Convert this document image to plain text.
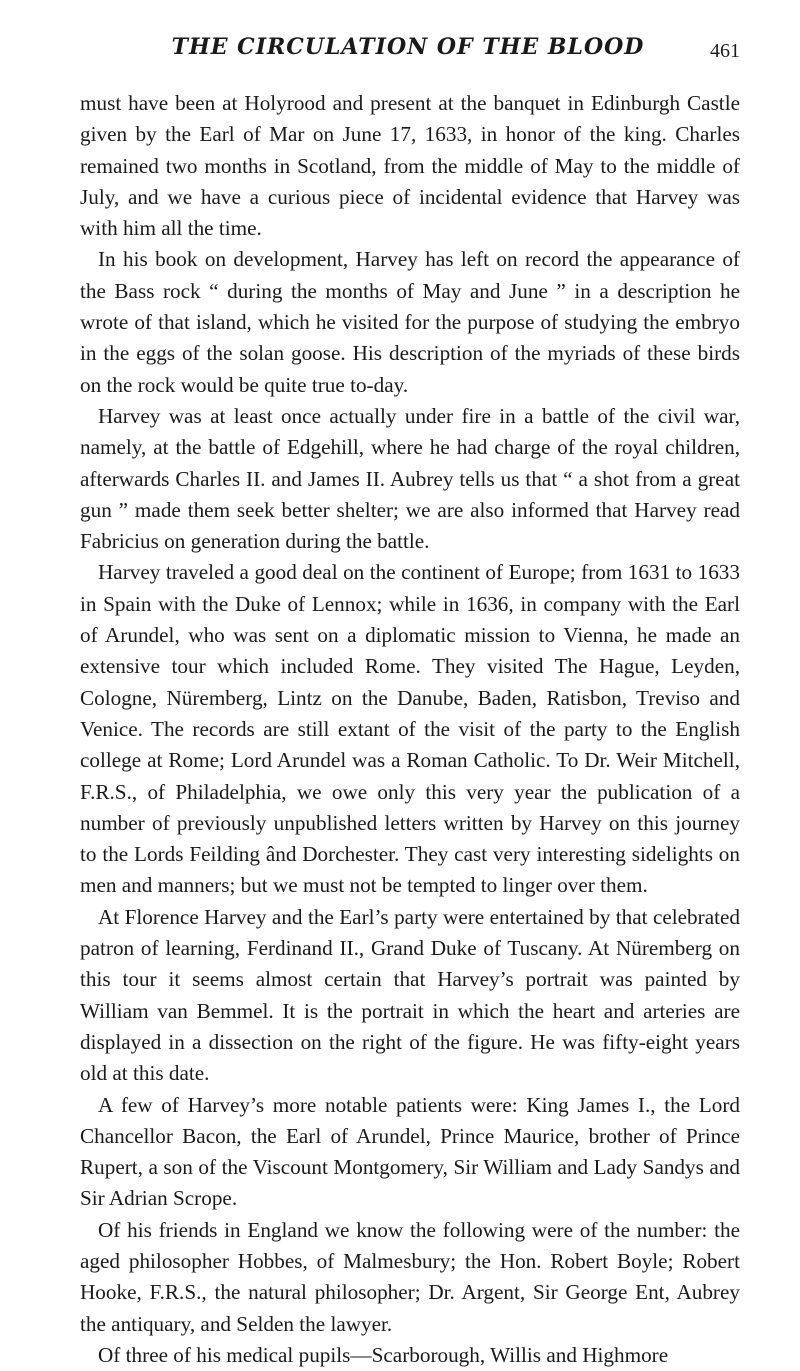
THE CIRCULATION OF THE BLOOD	461

must have been at Holyrood and present at the banquet in Edinburgh Castle given by the Earl of Mar on June 17, 1633, in honor of the king. Charles remained two months in Scotland, from the middle of May to the middle of July, and we have a curious piece of incidental evidence that Harvey was with him all the time.

In his book on development, Harvey has left on record the appearance of the Bass rock “ during the months of May and June ” in a description he wrote of that island, which he visited for the purpose of studying the embryo in the eggs of the solan goose. His description of the myriads of these birds on the rock would be quite true to-day.

Harvey was at least once actually under fire in a battle of the civil war, namely, at the battle of Edgehill, where he had charge of the royal children, afterwards Charles II. and James II. Aubrey tells us that “ a shot from a great gun ” made them seek better shelter; we are also informed that Harvey read Fabricius on generation during the battle.

Harvey traveled a good deal on the continent of Europe; from 1631 to 1633 in Spain with the Duke of Lennox; while in 1636, in company with the Earl of Arundel, who was sent on a diplomatic mission to Vienna, he made an extensive tour which included Rome. They visited The Hague, Leyden, Cologne, Nüremberg, Lintz on the Danube, Baden, Ratisbon, Treviso and Venice. The records are still extant of the visit of the party to the English college at Rome; Lord Arundel was a Roman Catholic. To Dr. Weir Mitchell, F.R.S., of Philadelphia, we owe only this very year the publication of a number of previously unpublished letters written by Harvey on this journey to the Lords Feilding ând Dorchester. They cast very interesting sidelights on men and manners; but we must not be tempted to linger over them.

At Florence Harvey and the Earl’s party were entertained by that celebrated patron of learning, Ferdinand II., Grand Duke of Tuscany. At Nüremberg on this tour it seems almost certain that Harvey’s portrait was painted by William van Bemmel. It is the portrait in which the heart and arteries are displayed in a dissection on the right of the figure. He was fifty-eight years old at this date.

A few of Harvey’s more notable patients were: King James I., the Lord Chancellor Bacon, the Earl of Arundel, Prince Maurice, brother of Prince Rupert, a son of the Viscount Montgomery, Sir William and Lady Sandys and Sir Adrian Scrope.

Of his friends in England we know the following were of the number: the aged philosopher Hobbes, of Malmesbury; the Hon. Robert Boyle; Robert Hooke, F.R.S., the natural philosopher; Dr. Argent, Sir George Ent, Aubrey the antiquary, and Selden the lawyer.

Of three of his medical pupils—Scarborough, Willis and Highmore
